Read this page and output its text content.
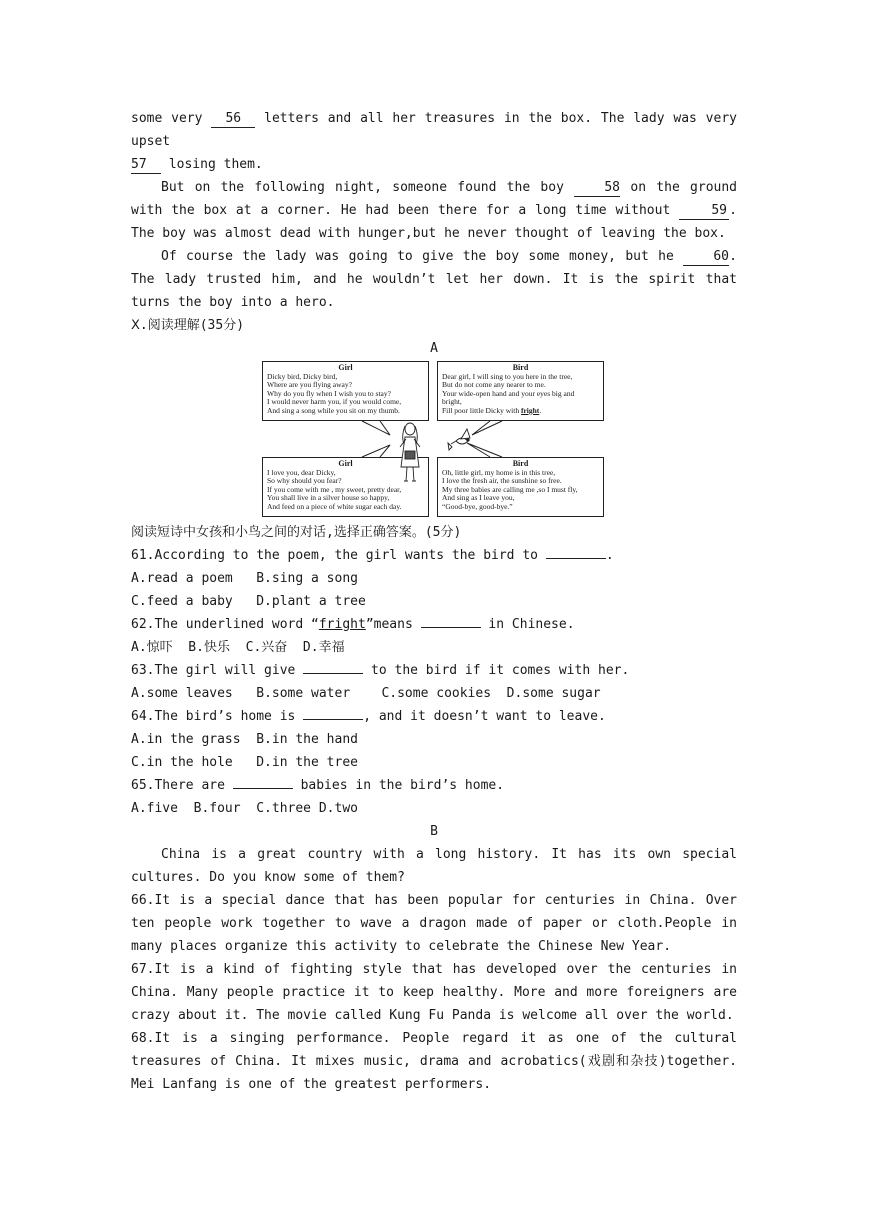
some very 56 letters and all her treasures in the box. The lady was very upset
57 losing them.

But on the following night, someone found the boy 58 on the ground with the box at a corner. He had been there for a long time without 59 . The boy was almost dead with hunger,but he never thought of leaving the box.

Of course the lady was going to give the boy some money, but he 60. The lady trusted him, and he wouldn’t let her down. It is the spirit that turns the boy into a hero.

Ⅹ.阅读理解(35分)

A

Girl
Dicky bird, Dicky bird,
Where are you flying away?
Why do you fly when I wish you to stay?
I would never harm you, if you would come,
And sing a song while you sit on my thumb.
Bird
Dear girl, I will sing to you here in the tree,
But do not come any nearer to me.
Your wide-open hand and your eyes big and
bright,
Fill poor little Dicky with fright.
Girl
I love you, dear Dicky,
So why should you fear?
If you come with me , my sweet, pretty dear,
You shall live in a silver house so happy,
And feed on a piece of white sugar each day.
Bird
Oh, little girl, my home is in this tree,
I love the fresh air, the sunshine so free.
My three babies are calling me ,so I must fly,
And sing as I leave you,
“Good-bye, good-bye.”

阅读短诗中女孩和小鸟之间的对话,选择正确答案。(5分)

61.According to the poem, the girl wants the bird to	.

A.read a poem   B.sing a song

C.feed a baby   D.plant a tree

62.The underlined word “fright”means	in Chinese.

A.惊吓  B.快乐  C.兴奋  D.幸福

63.The girl will give	to the bird if it comes with her.

A.some leaves   B.some water    C.some cookies  D.some sugar

64.The bird’s home is	, and it doesn’t want to leave.

A.in the grass  B.in the hand

C.in the hole   D.in the tree

65.There are	babies in the bird’s home.

A.five  B.four  C.three D.two

B

China is a great country with a long history. It has its own special cultures. Do you know some of them?

66.It is a special dance that has been popular for centuries in China. Over ten people work together to wave a dragon made of paper or cloth.People in many places organize this activity to celebrate the Chinese New Year.

67.It is a kind of fighting style that has developed over the centuries in China. Many people practice it to keep healthy. More and more foreigners are crazy about it. The movie called Kung Fu Panda is welcome all over the world.

68.It is a singing performance. People regard it as one of the cultural treasures of China. It mixes music, drama and acrobatics(戏剧和杂技)together. Mei Lanfang is one of the greatest performers.
